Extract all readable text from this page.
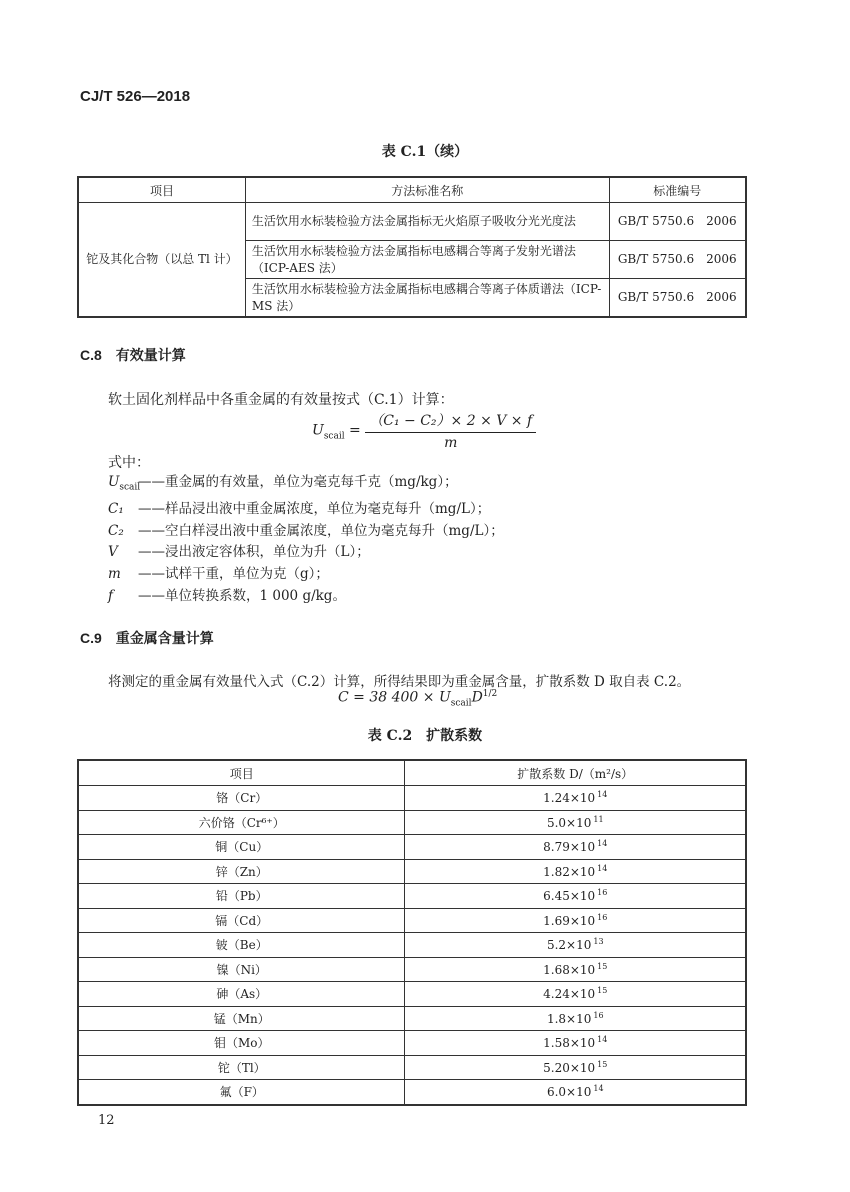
CJ/T 526—2018
表 C.1（续）
项目	方法标准名称	标准编号
铊及其化合物（以总 Tl 计）	生活饮用水标装检验方法金属指标无火焰原子吸收分光光度法	GB/T 5750.6　2006
	生活饮用水标装检验方法金属指标电感耦合等离子发射光谱法（ICP-AES 法）	GB/T 5750.6　2006
	生活饮用水标装检验方法金属指标电感耦合等离子体质谱法（ICP-MS 法）	GB/T 5750.6　2006
C.8 有效量计算
软土固化剂样品中各重金属的有效量按式（C.1）计算：
$U_{scail} = \frac{\text{（C₁ − C₂）× 2 × V × f}}{m}$
式中：
$U_{scail}——$重金属的有效量，单位为毫克每千克（mg/kg）；
C₁ ——样品浸出液中重金属浓度，单位为毫克每升（mg/L）；
C₂ ——空白样浸出液中重金属浓度，单位为毫克每升（mg/L）；
V ——浸出液定容体积，单位为升（L）；
m ——试样干重，单位为克（g）；
f ——单位转换系数，1 000 g/kg。
C.9 重金属含量计算
将测定的重金属有效量代入式（C.2）计算，所得结果即为重金属含量，扩散系数 D 取自表 C.2。
C = 38 $400 \times U_{scail}D^{1/2}$
表 C.2　扩散系数
项目	扩散系数 D/（m²/s）
铬（Cr）	1.24×10 $^{14}$
六价铬（Cr⁶⁺）	5.0×10 $^{11}$
铜（Cu）	8.79×10 $^{14}$
锌（Zn）	1.82×10 $^{14}$
铅（Pb）	6.45×10 $^{16}$
镉（Cd）	1.69×10 $^{16}$
铍（Be）	5.2×10 $^{13}$
镍（Ni）	1.68×10 $^{15}$
砷（As）	4.24×10 $^{15}$
锰（Mn）	1.8×10 $^{16}$
钼（Mo）	1.58×10 $^{14}$
铊（Tl）	5.20×10 $^{15}$
氟（F）	6.0×10 $^{14}$
12
